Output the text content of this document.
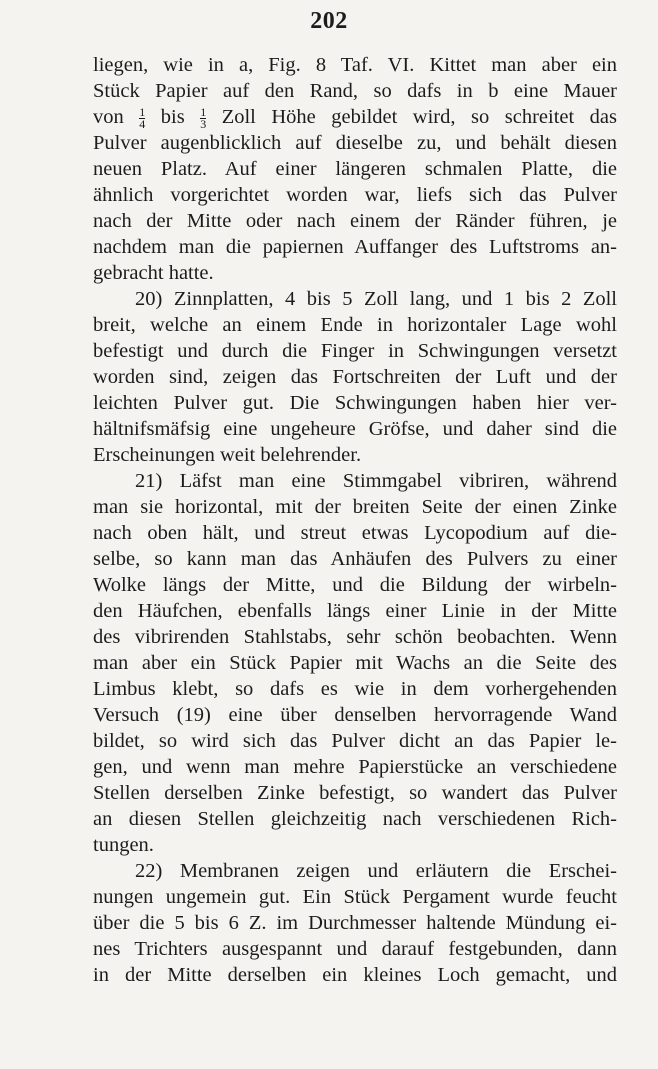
202
liegen, wie in a, Fig. 8 Taf. VI. Kittet man aber ein
Stück Papier auf den Rand, so dafs in b eine Mauer
von $\frac{1}{4}$ bis $\frac{1}{3}$ Zoll Höhe gebildet wird, so schreitet das
Pulver augenblicklich auf dieselbe zu, und behält diesen
neuen Platz. Auf einer längeren schmalen Platte, die
ähnlich vorgerichtet worden war, liefs sich das Pulver
nach der Mitte oder nach einem der Ränder führen, je
nachdem man die papiernen Auffanger des Luftstroms an-
gebracht hatte.
20) Zinnplatten, 4 bis 5 Zoll lang, und 1 bis 2 Zoll
breit, welche an einem Ende in horizontaler Lage wohl
befestigt und durch die Finger in Schwingungen versetzt
worden sind, zeigen das Fortschreiten der Luft und der
leichten Pulver gut. Die Schwingungen haben hier ver-
hältnifsmäfsig eine ungeheure Gröfse, und daher sind die
Erscheinungen weit belehrender.
21) Läfst man eine Stimmgabel vibriren, während
man sie horizontal, mit der breiten Seite der einen Zinke
nach oben hält, und streut etwas Lycopodium auf die-
selbe, so kann man das Anhäufen des Pulvers zu einer
Wolke längs der Mitte, und die Bildung der wirbeln-
den Häufchen, ebenfalls längs einer Linie in der Mitte
des vibrirenden Stahlstabs, sehr schön beobachten. Wenn
man aber ein Stück Papier mit Wachs an die Seite des
Limbus klebt, so dafs es wie in dem vorhergehenden
Versuch (19) eine über denselben hervorragende Wand
bildet, so wird sich das Pulver dicht an das Papier le-
gen, und wenn man mehre Papierstücke an verschiedene
Stellen derselben Zinke befestigt, so wandert das Pulver
an diesen Stellen gleichzeitig nach verschiedenen Rich-
tungen.
22) Membranen zeigen und erläutern die Erschei-
nungen ungemein gut. Ein Stück Pergament wurde feucht
über die 5 bis 6 Z. im Durchmesser haltende Mündung ei-
nes Trichters ausgespannt und darauf festgebunden, dann
in der Mitte derselben ein kleines Loch gemacht, und
